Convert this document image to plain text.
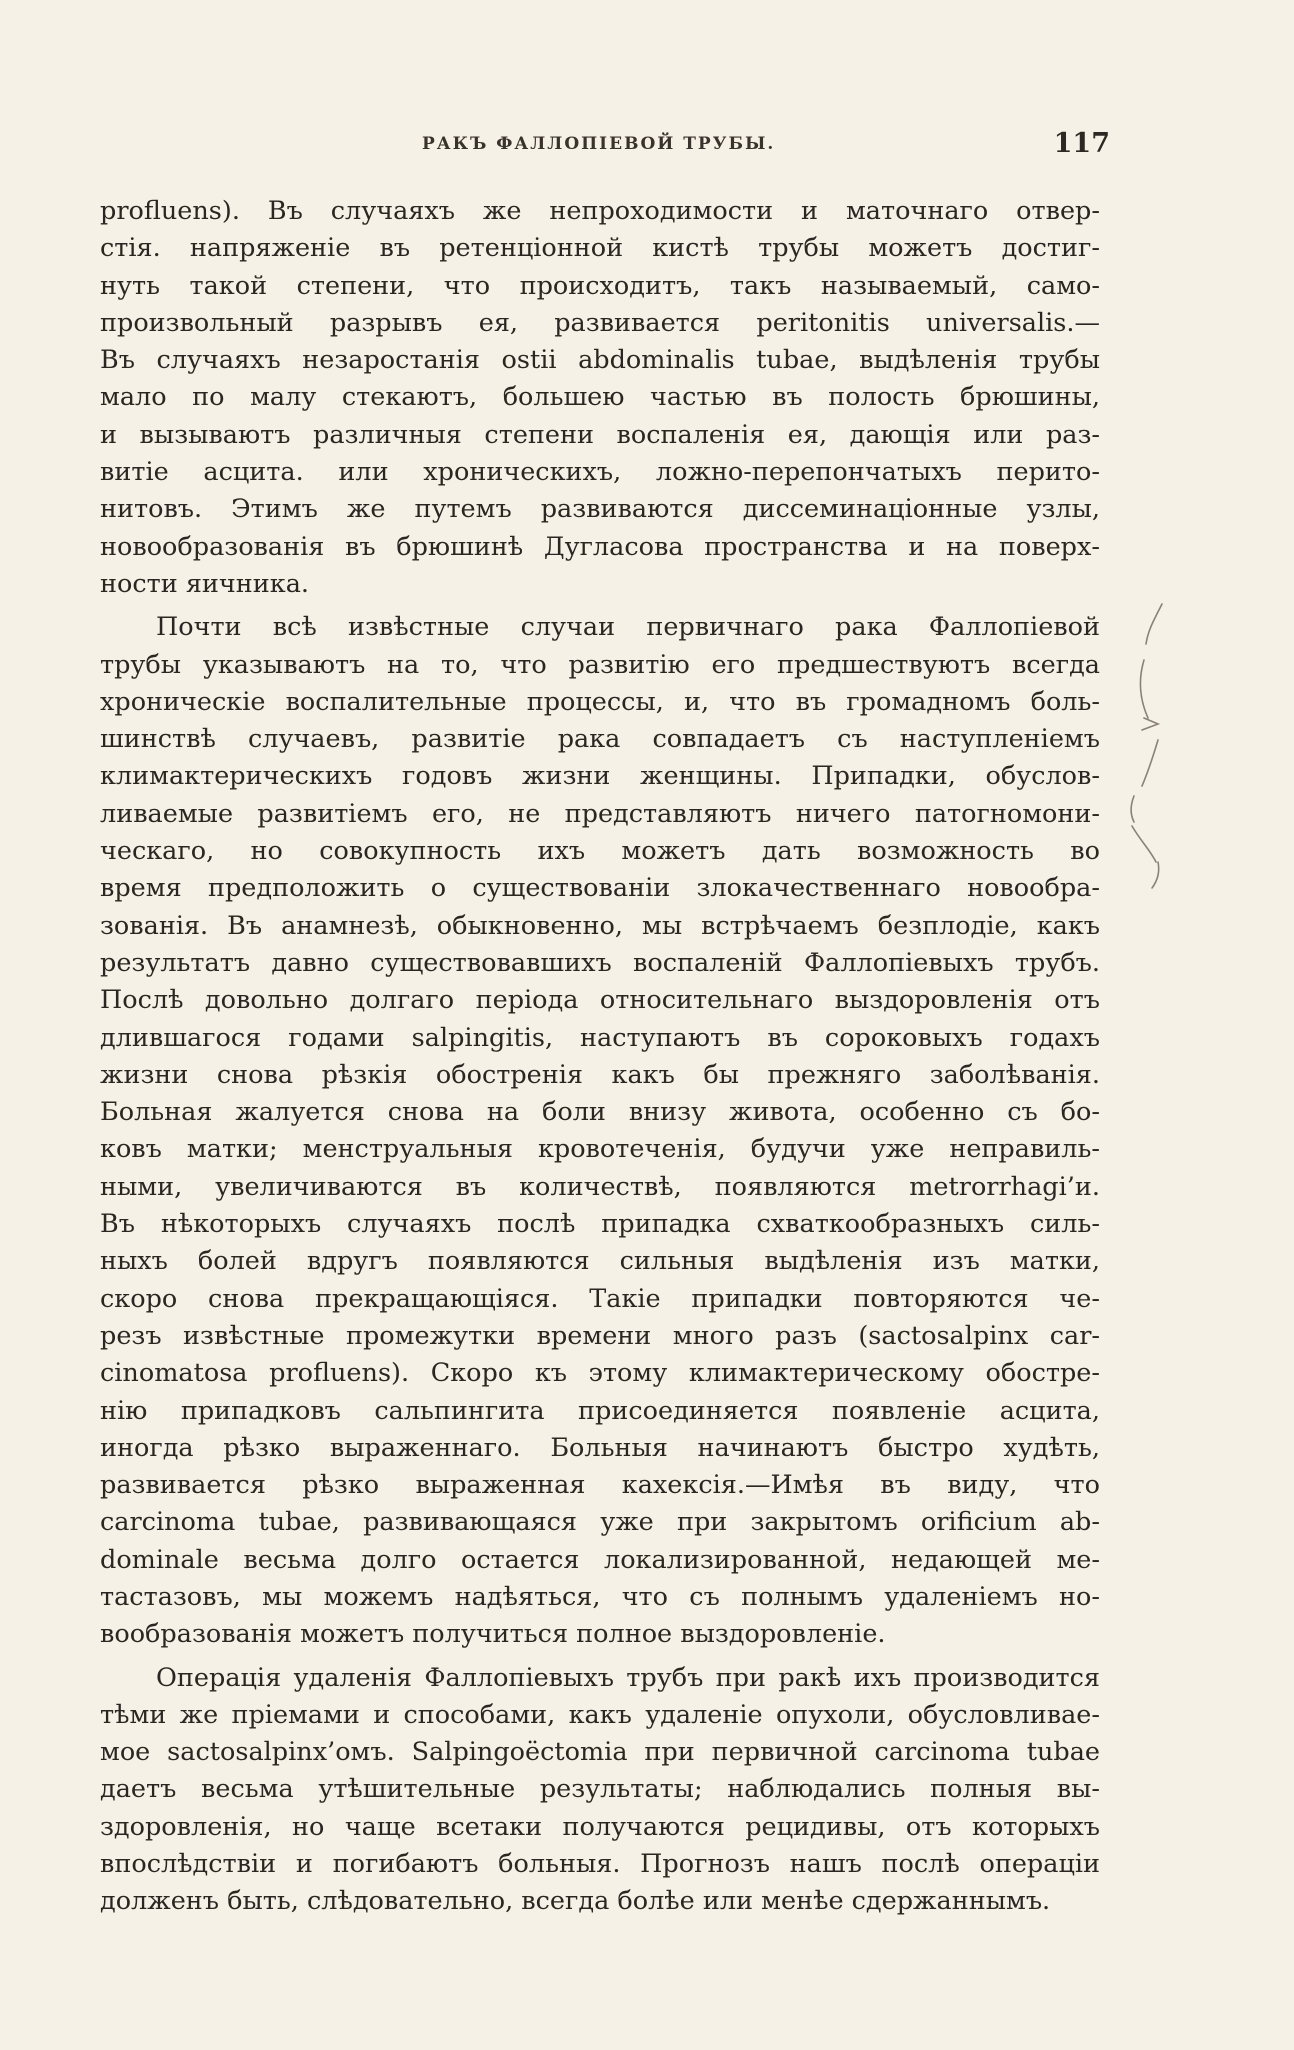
РАКЪ ФАЛЛОПІЕВОЙ ТРУБЫ.	117
profluens). Въ случаяхъ же непроходимости и маточнаго отвер-
стія. напряженіе въ ретенціонной кистѣ трубы можетъ достиг-
нуть такой степени, что происходитъ, такъ называемый, само-
произвольный разрывъ ея, развивается peritonitis universalis.—
Въ случаяхъ незаростанія ostii abdominalis tubae, выдѣленія трубы
мало по малу стекаютъ, большею частью въ полость брюшины,
и вызываютъ различныя степени воспаленія ея, дающія или раз-
витіе асцита. или хроническихъ, ложно-перепончатыхъ перито-
нитовъ. Этимъ же путемъ развиваются диссеминаціонные узлы,
новообразованія въ брюшинѣ Дугласова пространства и на поверх-
ности яичника.
Почти всѣ извѣстные случаи первичнаго рака Фаллопіевой
трубы указываютъ на то, что развитію его предшествуютъ всегда
хроническіе воспалительные процессы, и, что въ громадномъ боль-
шинствѣ случаевъ, развитіе рака совпадаетъ съ наступленіемъ
климактерическихъ годовъ жизни женщины. Припадки, обуслов-
ливаемые развитіемъ его, не представляютъ ничего патогномони-
ческаго, но совокупность ихъ можетъ дать возможность во
время предположить о существованіи злокачественнаго новообра-
зованія. Въ анамнезѣ, обыкновенно, мы встрѣчаемъ безплодіе, какъ
результатъ давно существовавшихъ воспаленій Фаллопіевыхъ трубъ.
Послѣ довольно долгаго періода относительнаго выздоровленія отъ
длившагося годами salpingitis, наступаютъ въ сороковыхъ годахъ
жизни снова рѣзкія обостренія какъ бы прежняго заболѣванія.
Больная жалуется снова на боли внизу живота, особенно съ бо-
ковъ матки; менструальныя кровотеченія, будучи уже неправиль-
ными, увеличиваются въ количествѣ, появляются metrorrhagi’и.
Въ нѣкоторыхъ случаяхъ послѣ припадка схваткообразныхъ силь-
ныхъ болей вдругъ появляются сильныя выдѣленія изъ матки,
скоро снова прекращающіяся. Такіе припадки повторяются че-
резъ извѣстные промежутки времени много разъ (sactosalpinx car-
cinomatosa profluens). Скоро къ этому климактерическому обостре-
нію припадковъ сальпингита присоединяется появленіе асцита,
иногда рѣзко выраженнаго. Больныя начинаютъ быстро худѣть,
развивается рѣзко выраженная кахексія.—Имѣя въ виду, что
carcinoma tubae, развивающаяся уже при закрытомъ orificium ab-
dominale весьма долго остается локализированной, недающей ме-
тастазовъ, мы можемъ надѣяться, что съ полнымъ удаленіемъ но-
вообразованія можетъ получиться полное выздоровленіе.
Операція удаленія Фаллопіевыхъ трубъ при ракѣ ихъ производится
тѣми же пріемами и способами, какъ удаленіе опухоли, обусловливае-
мое sactosalpinx’омъ. Salpingoëctomia при первичной carcinoma tubae
даетъ весьма утѣшительные результаты; наблюдались полныя вы-
здоровленія, но чаще всетаки получаются рецидивы, отъ которыхъ
впослѣдствіи и погибаютъ больныя. Прогнозъ нашъ послѣ операціи
долженъ быть, слѣдовательно, всегда болѣе или менѣе сдержаннымъ.
